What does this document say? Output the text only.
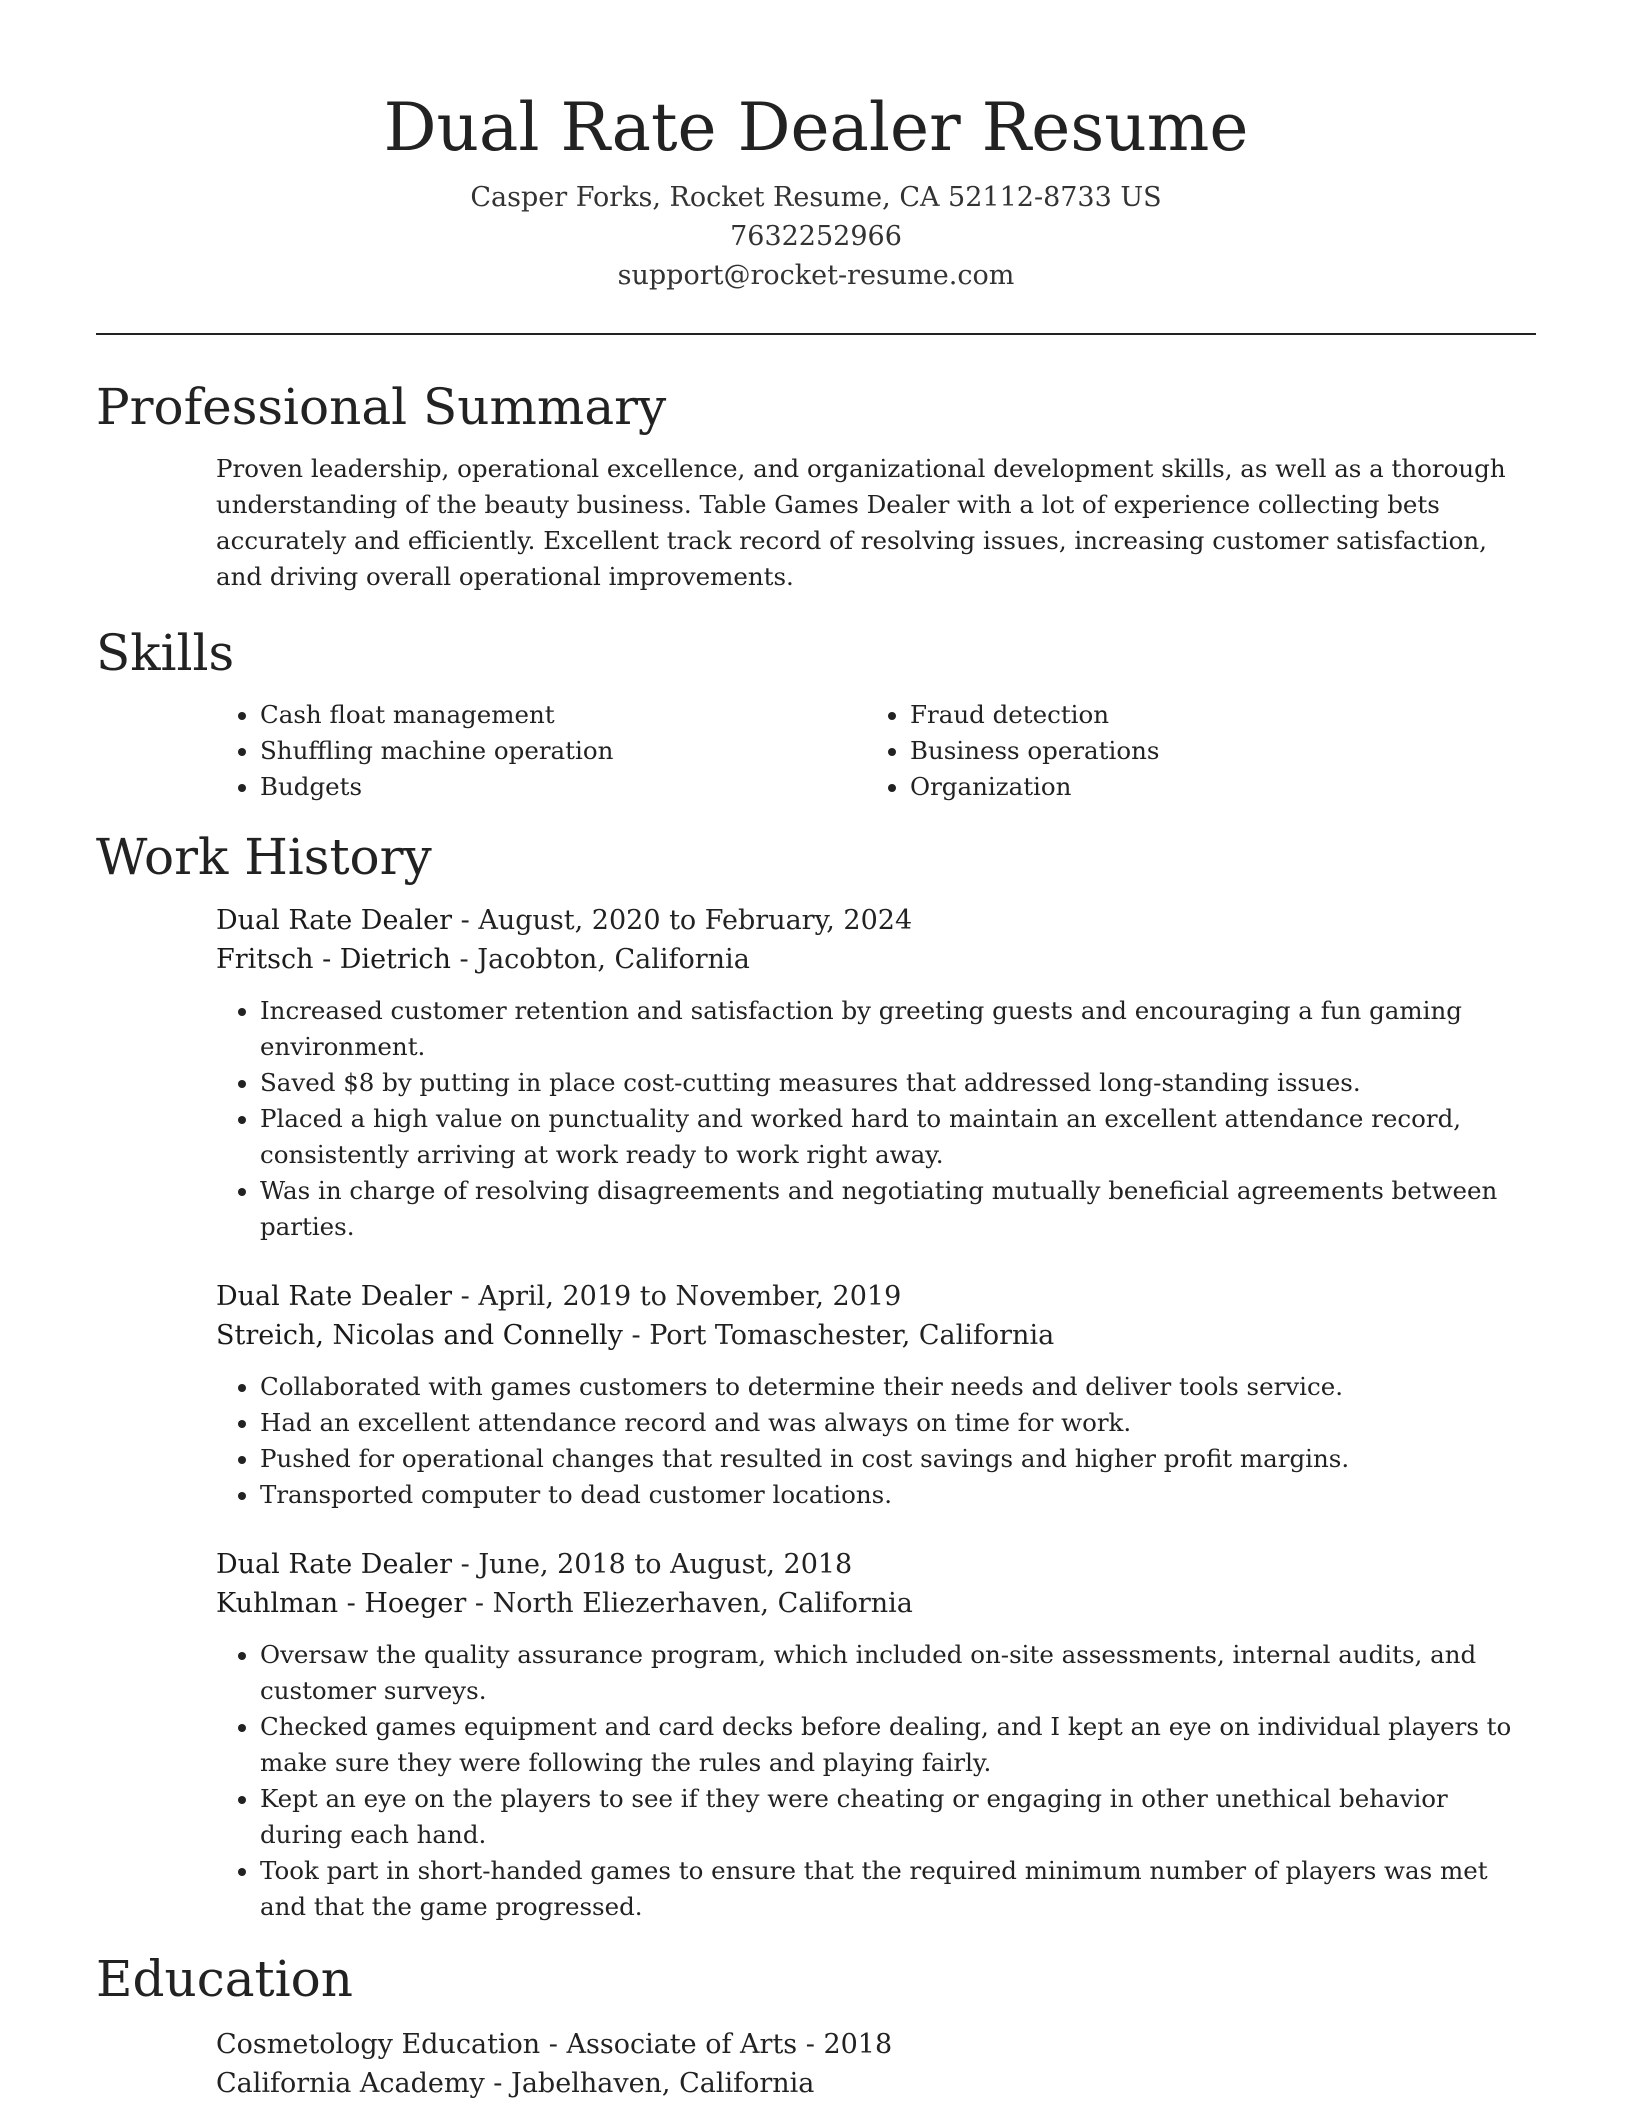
Dual Rate Dealer Resume
Casper Forks, Rocket Resume, CA 52112-8733 US
7632252966
support@rocket-resume.com
Professional Summary

Proven leadership, operational excellence, and organizational development skills, as well as a thorough understanding of the beauty business. Table Games Dealer with a lot of experience collecting bets accurately and efficiently. Excellent track record of resolving issues, increasing customer satisfaction, and driving overall operational improvements.

Skills
• Cash float management
• Shuffling machine operation
• Budgets
• Fraud detection
• Business operations
• Organization
Work History
Dual Rate Dealer - August, 2020 to February, 2024
Fritsch - Dietrich - Jacobton, California
• Increased customer retention and satisfaction by greeting guests and encouraging a fun gaming environment.
• Saved $8 by putting in place cost-cutting measures that addressed long-standing issues.
• Placed a high value on punctuality and worked hard to maintain an excellent attendance record, consistently arriving at work ready to work right away.
• Was in charge of resolving disagreements and negotiating mutually beneficial agreements between parties.
Dual Rate Dealer - April, 2019 to November, 2019
Streich, Nicolas and Connelly - Port Tomaschester, California
• Collaborated with games customers to determine their needs and deliver tools service.
• Had an excellent attendance record and was always on time for work.
• Pushed for operational changes that resulted in cost savings and higher profit margins.
• Transported computer to dead customer locations.
Dual Rate Dealer - June, 2018 to August, 2018
Kuhlman - Hoeger - North Eliezerhaven, California
• Oversaw the quality assurance program, which included on-site assessments, internal audits, and customer surveys.
• Checked games equipment and card decks before dealing, and I kept an eye on individual players to make sure they were following the rules and playing fairly.
• Kept an eye on the players to see if they were cheating or engaging in other unethical behavior during each hand.
• Took part in short-handed games to ensure that the required minimum number of players was met and that the game progressed.
Education
Cosmetology Education - Associate of Arts - 2018
California Academy - Jabelhaven, California
